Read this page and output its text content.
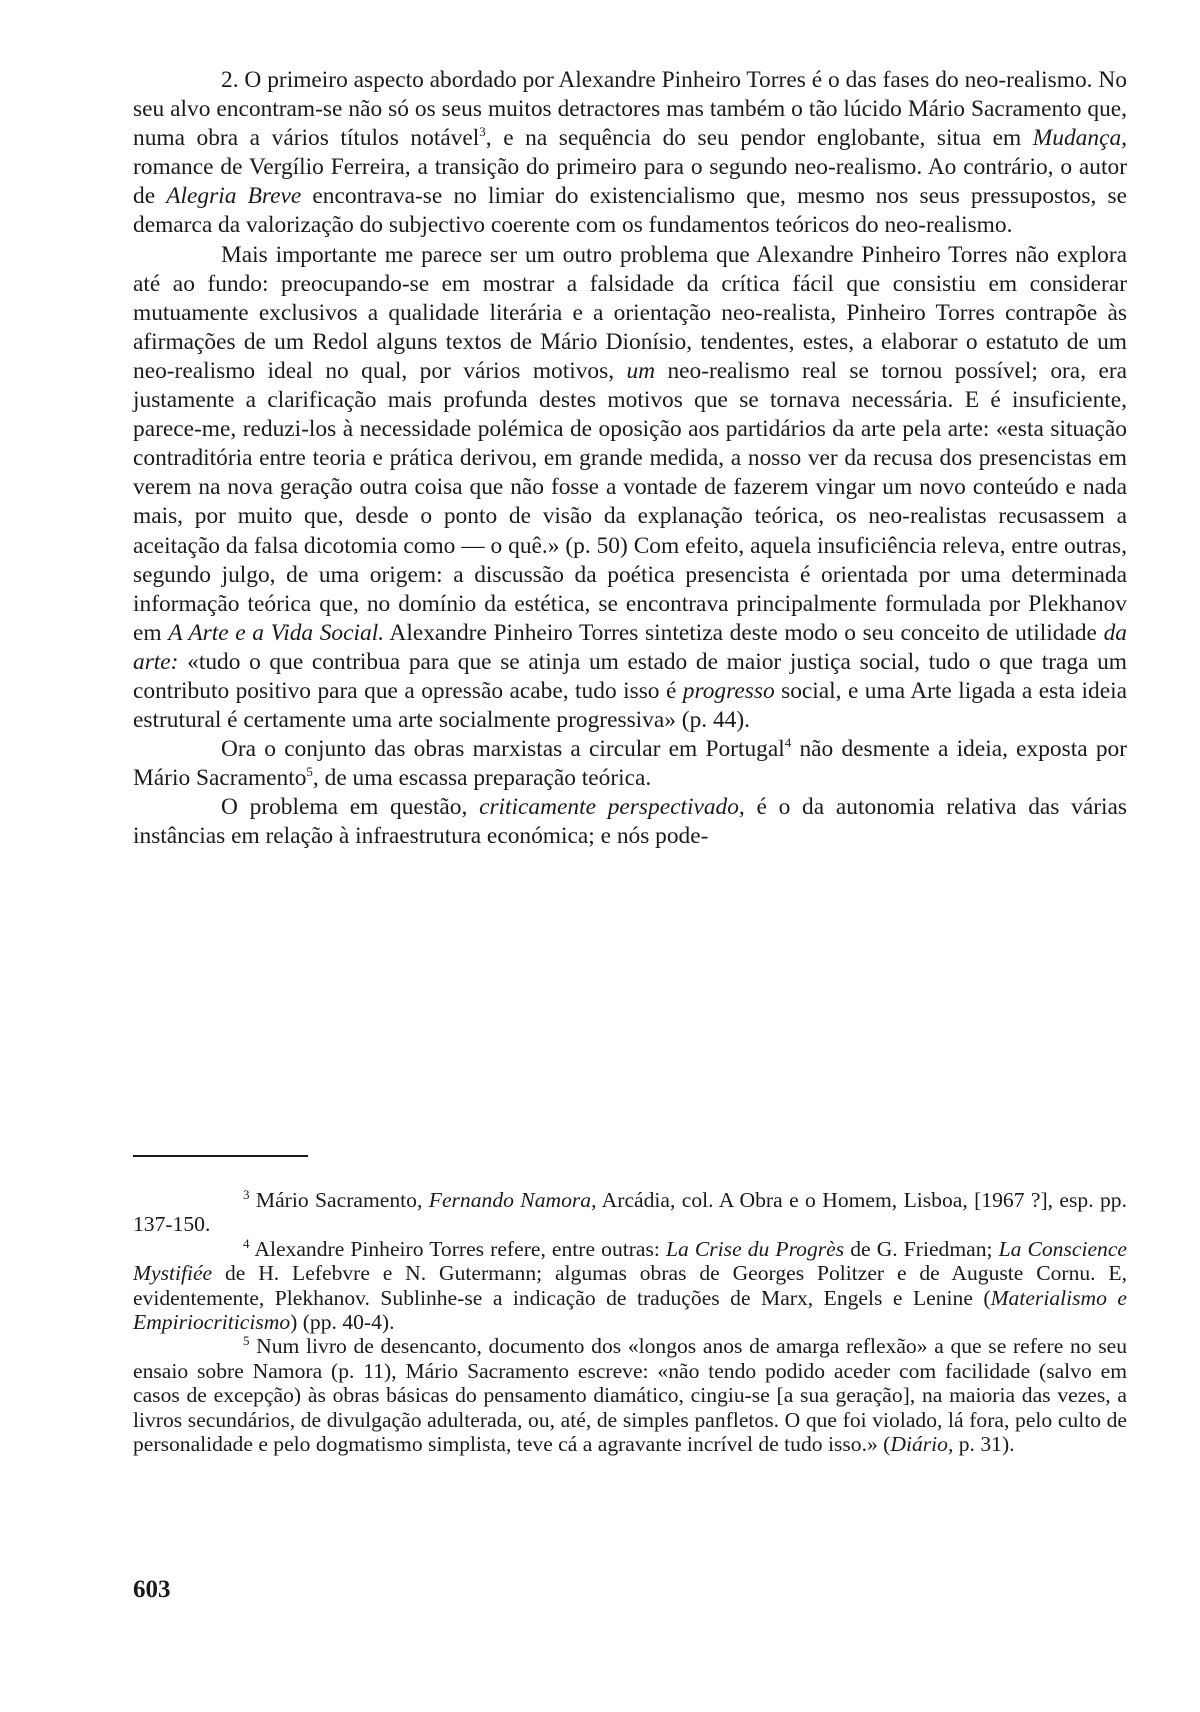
2. O primeiro aspecto abordado por Alexandre Pinheiro Torres é o das fases do neo-realismo. No seu alvo encontram-se não só os seus muitos detractores mas também o tão lúcido Mário Sacramento que, numa obra a vários títulos notável$^3$, e na sequência do seu pendor englobante, situa em Mudança, romance de Vergílio Ferreira, a transição do primeiro para o segundo neo-realismo. Ao contrário, o autor de Alegria Breve encontrava-se no limiar do existencialismo que, mesmo nos seus pressupostos, se demarca da valorização do subjectivo coerente com os fundamentos teóricos do neo-realismo.

Mais importante me parece ser um outro problema que Alexandre Pinheiro Torres não explora até ao fundo: preocupando-se em mostrar a falsidade da crítica fácil que consistiu em considerar mutuamente exclusivos a qualidade literária e a orientação neo-realista, Pinheiro Torres contrapõe às afirmações de um Redol alguns textos de Mário Dionísio, tendentes, estes, a elaborar o estatuto de um neo-realismo ideal no qual, por vários motivos, um neo-realismo real se tornou possível; ora, era justamente a clarificação mais profunda destes motivos que se tornava necessária. E é insuficiente, parece-me, reduzi-los à necessidade polémica de oposição aos partidários da arte pela arte: «esta situação contraditória entre teoria e prática derivou, em grande medida, a nosso ver da recusa dos presencistas em verem na nova geração outra coisa que não fosse a vontade de fazerem vingar um novo conteúdo e nada mais, por muito que, desde o ponto de visão da explanação teórica, os neo-realistas recusassem a aceitação da falsa dicotomia como — o quê.» (p. 50) Com efeito, aquela insuficiência releva, entre outras, segundo julgo, de uma origem: a discussão da poética presencista é orientada por uma determinada informação teórica que, no domínio da estética, se encontrava principalmente formulada por Plekhanov em A Arte e a Vida Social. Alexandre Pinheiro Torres sintetiza deste modo o seu conceito de utilidade da arte: «tudo o que contribua para que se atinja um estado de maior justiça social, tudo o que traga um contributo positivo para que a opressão acabe, tudo isso é progresso social, e uma Arte ligada a esta ideia estrutural é certamente uma arte socialmente progressiva» (p. 44).

Ora o conjunto das obras marxistas a circular em Portugal$^4$ não desmente a ideia, exposta por Mário Sacramento$^5$, de uma escassa preparação teórica.

O problema em questão, criticamente perspectivado, é o da autonomia relativa das várias instâncias em relação à infraestrutura económica; e nós pode-

$^3$ Mário Sacramento, Fernando Namora, Arcádia, col. A Obra e o Homem, Lisboa, [1967 ?], esp. pp. 137-150.

$^4$ Alexandre Pinheiro Torres refere, entre outras: La Crise du Progrès de G. Friedman; La Conscience Mystifiée de H. Lefebvre e N. Gutermann; algumas obras de Georges Politzer e de Auguste Cornu. E, evidentemente, Plekhanov. Sublinhe-se a indicação de traduções de Marx, Engels e Lenine (Materialismo e Empiriocriticismo) (pp. 40-4).

$^5$ Num livro de desencanto, documento dos «longos anos de amarga reflexão» a que se refere no seu ensaio sobre Namora (p. 11), Mário Sacramento escreve: «não tendo podido aceder com facilidade (salvo em casos de excepção) às obras básicas do pensamento diamático, cingiu-se [a sua geração], na maioria das vezes, a livros secundários, de divulgação adulterada, ou, até, de simples panfletos. O que foi violado, lá fora, pelo culto de personalidade e pelo dogmatismo simplista, teve cá a agravante incrível de tudo isso.» (Diário, p. 31).

603
